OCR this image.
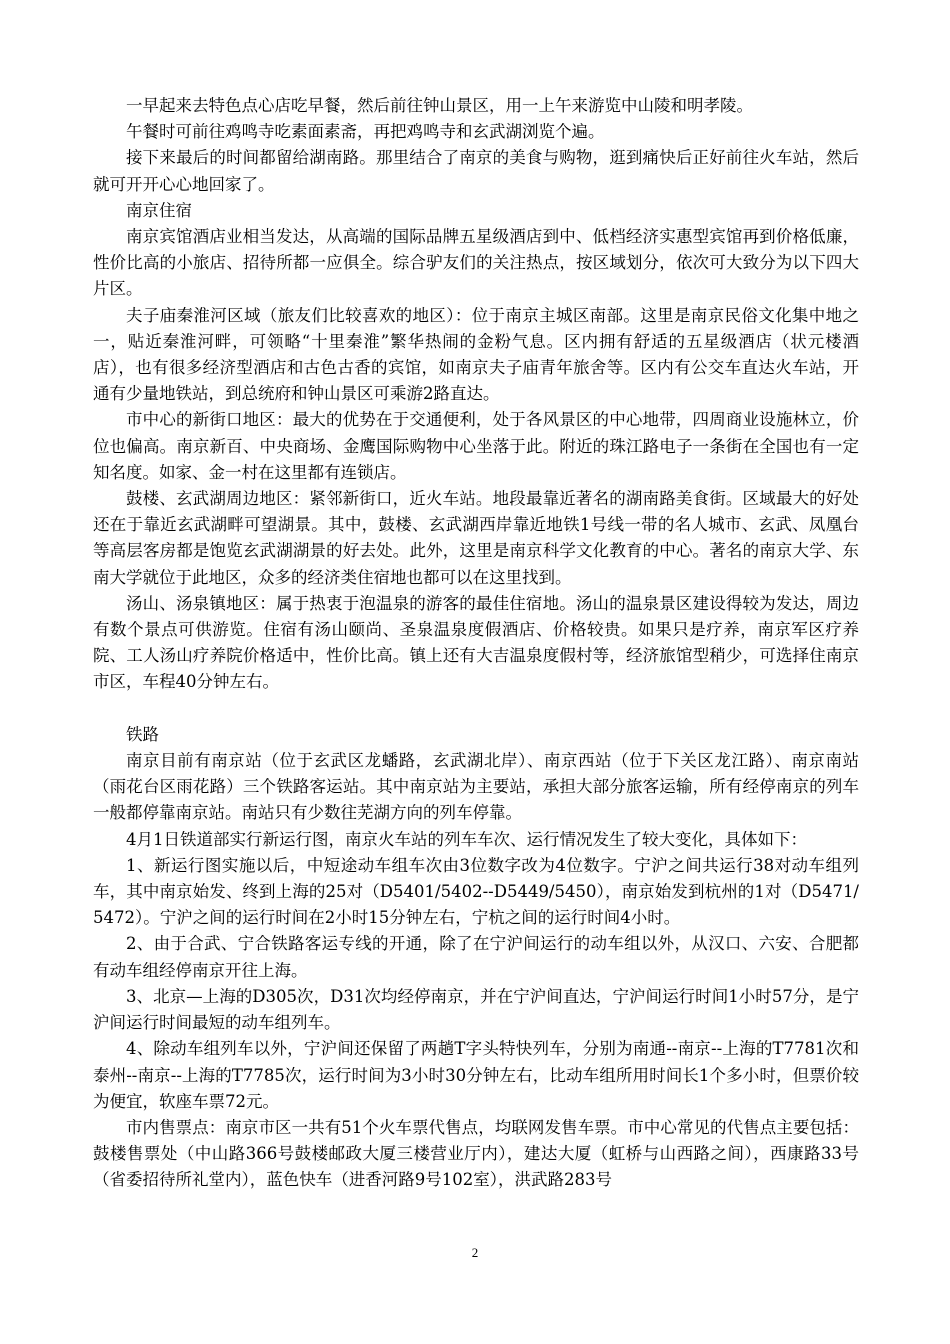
一早起来去特色点心店吃早餐，然后前往钟山景区，用一上午来游览中山陵和明孝陵。

午餐时可前往鸡鸣寺吃素面素斋，再把鸡鸣寺和玄武湖浏览个遍。

接下来最后的时间都留给湖南路。那里结合了南京的美食与购物，逛到痛快后正好前往火车站，然后就可开开心心地回家了。

南京住宿

南京宾馆酒店业相当发达，从高端的国际品牌五星级酒店到中、低档经济实惠型宾馆再到价格低廉，性价比高的小旅店、招待所都一应俱全。综合驴友们的关注热点，按区域划分，依次可大致分为以下四大片区。

夫子庙秦淮河区域（旅友们比较喜欢的地区）：位于南京主城区南部。这里是南京民俗文化集中地之一，贴近秦淮河畔，可领略“十里秦淮”繁华热闹的金粉气息。区内拥有舒适的五星级酒店（状元楼酒店），也有很多经济型酒店和古色古香的宾馆，如南京夫子庙青年旅舍等。区内有公交车直达火车站，开通有少量地铁站，到总统府和钟山景区可乘游2路直达。

市中心的新街口地区：最大的优势在于交通便利，处于各风景区的中心地带，四周商业设施林立，价位也偏高。南京新百、中央商场、金鹰国际购物中心坐落于此。附近的珠江路电子一条街在全国也有一定知名度。如家、金一村在这里都有连锁店。

鼓楼、玄武湖周边地区：紧邻新街口，近火车站。地段最靠近著名的湖南路美食街。区域最大的好处还在于靠近玄武湖畔可望湖景。其中，鼓楼、玄武湖西岸靠近地铁1号线一带的名人城市、玄武、凤凰台等高层客房都是饱览玄武湖湖景的好去处。此外，这里是南京科学文化教育的中心。著名的南京大学、东南大学就位于此地区，众多的经济类住宿地也都可以在这里找到。

汤山、汤泉镇地区：属于热衷于泡温泉的游客的最佳住宿地。汤山的温泉景区建设得较为发达，周边有数个景点可供游览。住宿有汤山颐尚、圣泉温泉度假酒店、价格较贵。如果只是疗养，南京军区疗养院、工人汤山疗养院价格适中，性价比高。镇上还有大吉温泉度假村等，经济旅馆型稍少，可选择住南京市区，车程40分钟左右。

铁路

南京目前有南京站（位于玄武区龙蟠路，玄武湖北岸）、南京西站（位于下关区龙江路）、南京南站（雨花台区雨花路）三个铁路客运站。其中南京站为主要站，承担大部分旅客运输，所有经停南京的列车一般都停靠南京站。南站只有少数往芜湖方向的列车停靠。

4月1日铁道部实行新运行图，南京火车站的列车车次、运行情况发生了较大变化，具体如下：

1、新运行图实施以后，中短途动车组车次由3位数字改为4位数字。宁沪之间共运行38对动车组列车，其中南京始发、终到上海的25对（D5401/5402--D5449/5450），南京始发到杭州的1对（D5471/5472）。宁沪之间的运行时间在2小时15分钟左右，宁杭之间的运行时间4小时。

2、由于合武、宁合铁路客运专线的开通，除了在宁沪间运行的动车组以外，从汉口、六安、合肥都有动车组经停南京开往上海。

3、北京—上海的D305次，D31次均经停南京，并在宁沪间直达，宁沪间运行时间1小时57分，是宁沪间运行时间最短的动车组列车。

4、除动车组列车以外，宁沪间还保留了两趟T字头特快列车，分别为南通--南京--上海的T7781次和泰州--南京--上海的T7785次，运行时间为3小时30分钟左右，比动车组所用时间长1个多小时，但票价较为便宜，软座车票72元。

市内售票点：南京市区一共有51个火车票代售点，均联网发售车票。市中心常见的代售点主要包括：鼓楼售票处（中山路366号鼓楼邮政大厦三楼营业厅内），建达大厦（虹桥与山西路之间），西康路33号（省委招待所礼堂内），蓝色快车（进香河路9号102室），洪武路283号

2
